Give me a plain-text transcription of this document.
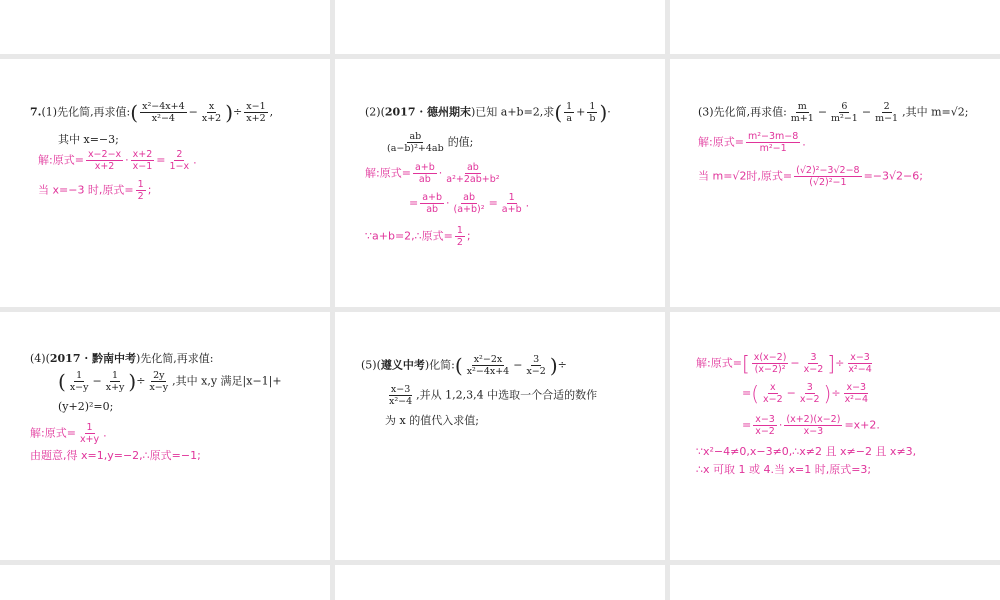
7.(1)先化简,再求值:( $\frac{\text{x²−4x+4}}{\text{x²−4}} - \frac{x}{x+2}$ )÷ $\frac{x-1}{x+2}$ ,
其中 x=−3;
解:原式= $\frac{x-2-x}{x+2} \cdot \frac{x+2}{x-1} = \frac{2}{1-x}$ .
当 x=−3 时,原式= $\frac{1}{2}$ ;
(2)(2017 · 德州期末)已知 a+b=2,求( $\frac{1}{a} + \frac{1}{b}$ )·
$\frac{ab}{\text{(a−b)²+4ab}}$ 的值;
解:原式= $\frac{a+b}{ab} \cdot \frac{ab}{\text{a²+2ab+b²}}$
= $\frac{a+b}{ab} \cdot \frac{ab}{\text{(a+b)²}} = \frac{1}{a+b}$ .
∵a+b=2,∴原式= $\frac{1}{2}$ ;
(3)先化简,再求值: $\frac{m}{m+1} - \frac{6}{\text{m²−1}} - \frac{2}{m-1}$ ,其中 m=√2;
解:原式= $\frac{\text{m²−3m−8}}{\text{m²−1}}$ .
当 m=√2时,原式= $\frac{\text{(√2)²−3√2−8}}{\text{(√2)²−1}} =-3√2-6$;
(4)(2017 · 黔南中考)先化简,再求值:
( $\frac{1}{x-y} - \frac{1}{x+y}$ )÷ $\frac{2y}{x-y}$ ,其中 x,y 满足|x−1|+
(y+2)²=0;
解:原式= $\frac{1}{x+y}$ .
由题意,得 x=1,y=−2,∴原式=−1;
(5)(遵义中考)化简:( $\frac{\text{x²−2x}}{\text{x²−4x+4}} - \frac{3}{x-2}$ )÷
$\frac{x-3}{\text{x²−4}}$ ,并从 1,2,3,4 中选取一个合适的数作
为 x 的值代入求值;
解:原式=[ $\frac{x(x-2)}{\text{(x−2)²}} - \frac{3}{x-2}$ ]÷ $\frac{x-3}{\text{x²−4}}$
=( $\frac{x}{x-2} - \frac{3}{x-2}$ )÷ $\frac{x-3}{\text{x²−4}}$
= $\frac{x-3}{x-2} \cdot \frac{(x+2)(x-2)}{x-3} =x+2$.
∵x²−4≠0,x−3≠0,∴x≠2 且 x≠−2 且 x≠3,
∴x 可取 1 或 4.当 x=1 时,原式=3;
